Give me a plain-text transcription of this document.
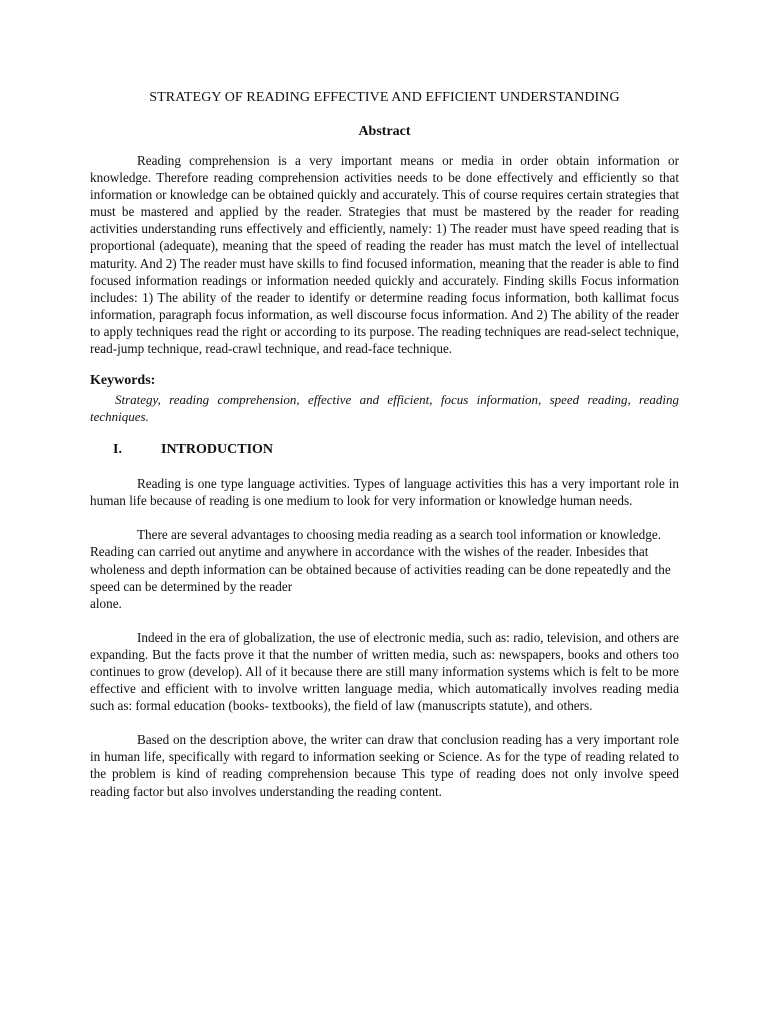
STRATEGY OF READING EFFECTIVE AND EFFICIENT UNDERSTANDING
Abstract

Reading comprehension is a very important means or media in order obtain information or knowledge. Therefore reading comprehension activities needs to be done effectively and efficiently so that information or knowledge can be obtained quickly and accurately. This of course requires certain strategies that must be mastered and applied by the reader. Strategies that must be mastered by the reader for reading activities understanding runs effectively and efficiently, namely: 1) The reader must have speed reading that is proportional (adequate), meaning that the speed of reading the reader has must match the level of intellectual maturity. And 2) The reader must have skills to find focused information, meaning that the reader is able to find focused information readings or information needed quickly and accurately. Finding skills Focus information includes: 1) The ability of the reader to identify or determine reading focus information, both kallimat focus information, paragraph focus information, as well discourse focus information. And 2) The ability of the reader to apply techniques read the right or according to its purpose. The reading techniques are read-select technique, read-jump technique, read-crawl technique, and read-face technique.

Keywords:

Strategy, reading comprehension, effective and efficient, focus information, speed reading, reading techniques.

I.	INTRODUCTION

Reading is one type language activities. Types of language activities this has a very important role in human life because of reading is one medium to look for very information or knowledge human needs.

There are several advantages to choosing media reading as a search tool information or knowledge. Reading can carried out anytime and anywhere in accordance with the wishes of the reader. Inbesides that wholeness and depth information can be obtained because of activities reading can be done repeatedly and the speed can be determined by the reader

alone.

Indeed in the era of globalization, the use of electronic media, such as: radio, television, and others are expanding. But the facts prove it that the number of written media, such as: newspapers, books and others too continues to grow (develop). All of it because there are still many information systems which is felt to be more effective and efficient with to involve written language media, which automatically involves reading media such as: formal education (books- textbooks), the field of law (manuscripts statute), and others.

Based on the description above, the writer can draw that conclusion reading has a very important role in human life, specifically with regard to information seeking or Science. As for the type of reading related to the problem is kind of reading comprehension because This type of reading does not only involve speed reading factor but also involves understanding the reading content.
